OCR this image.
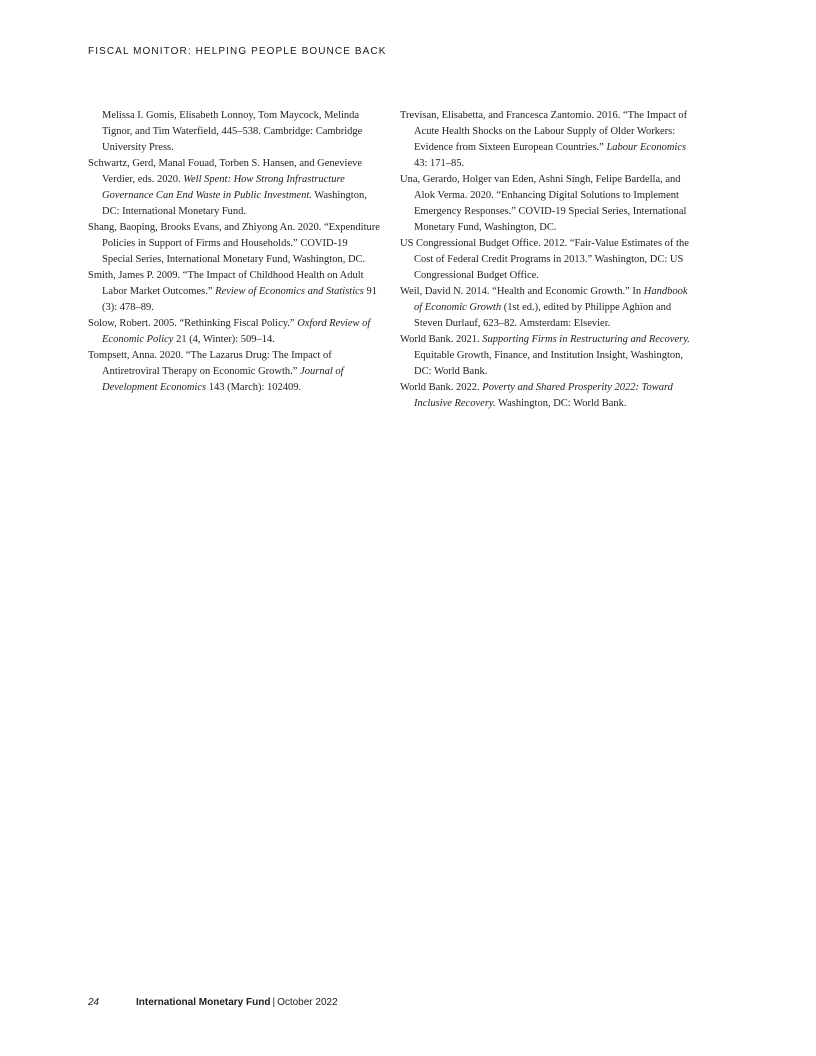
FISCAL MONITOR: HELPING PEOPLE BOUNCE BACK

Melissa I. Gomis, Elisabeth Lonnoy, Tom Maycock, Melinda Tignor, and Tim Waterfield, 445–538. Cambridge: Cambridge University Press.

Schwartz, Gerd, Manal Fouad, Torben S. Hansen, and Genevieve Verdier, eds. 2020. Well Spent: How Strong Infrastructure Governance Can End Waste in Public Investment. Washington, DC: International Monetary Fund.

Shang, Baoping, Brooks Evans, and Zhiyong An. 2020. “Expenditure Policies in Support of Firms and Households.” COVID-19 Special Series, International Monetary Fund, Washington, DC.

Smith, James P. 2009. “The Impact of Childhood Health on Adult Labor Market Outcomes.” Review of Economics and Statistics 91 (3): 478–89.

Solow, Robert. 2005. “Rethinking Fiscal Policy.” Oxford Review of Economic Policy 21 (4, Winter): 509–14.

Tompsett, Anna. 2020. “The Lazarus Drug: The Impact of Antiretroviral Therapy on Economic Growth.” Journal of Development Economics 143 (March): 102409.

Trevisan, Elisabetta, and Francesca Zantomio. 2016. “The Impact of Acute Health Shocks on the Labour Supply of Older Workers: Evidence from Sixteen European Countries.” Labour Economics 43: 171–85.

Una, Gerardo, Holger van Eden, Ashni Singh, Felipe Bardella, and Alok Verma. 2020. “Enhancing Digital Solutions to Implement Emergency Responses.” COVID-19 Special Series, International Monetary Fund, Washington, DC.

US Congressional Budget Office. 2012. “Fair-Value Estimates of the Cost of Federal Credit Programs in 2013.” Washington, DC: US Congressional Budget Office.

Weil, David N. 2014. “Health and Economic Growth.” In Handbook of Economic Growth (1st ed.), edited by Philippe Aghion and Steven Durlauf, 623–82. Amsterdam: Elsevier.

World Bank. 2021. Supporting Firms in Restructuring and Recovery. Equitable Growth, Finance, and Institution Insight, Washington, DC: World Bank.

World Bank. 2022. Poverty and Shared Prosperity 2022: Toward Inclusive Recovery. Washington, DC: World Bank.

24	International Monetary Fund | October 2022
